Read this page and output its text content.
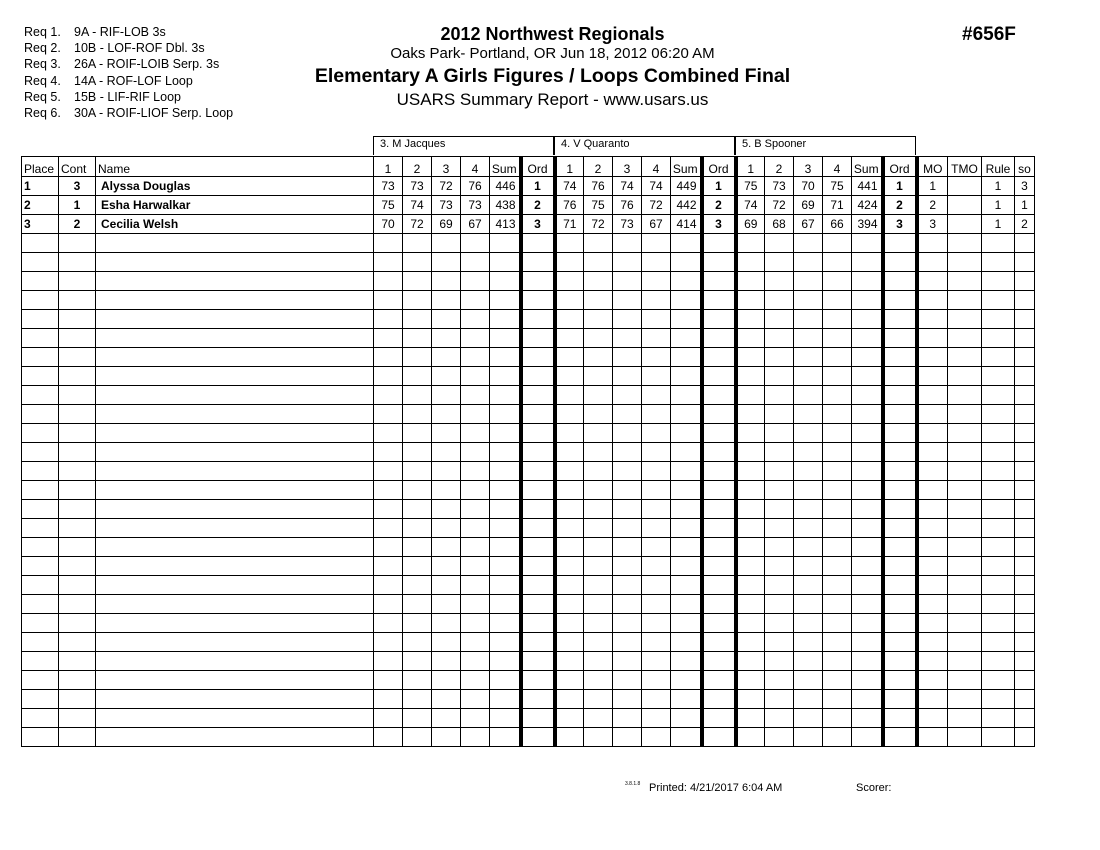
Req 1. 9A - RIF-LOB 3s
Req 2. 10B - LOF-ROF Dbl. 3s
Req 3. 26A - ROIF-LOIB Serp. 3s
Req 4. 14A - ROF-LOF Loop
Req 5. 15B - LIF-RIF Loop
Req 6. 30A - ROIF-LIOF Serp. Loop
2012 Northwest Regionals
Oaks Park- Portland, OR Jun 18, 2012 06:20 AM
Elementary A Girls Figures / Loops Combined Final
USARS Summary Report - www.usars.us
#656F
3. M Jacques	4. V Quaranto	5. B Spooner
Place	Cont	Name	1	2	3	4	Sum	Ord	1	2	3	4	Sum	Ord	1	2	3	4	Sum	Ord	MO	TMO	Rule	so
1	3	Alyssa Douglas	73	73	72	76	446	1	74	76	74	74	449	1	75	73	70	75	441	1	1		1	3
2	1	Esha Harwalkar	75	74	73	73	438	2	76	75	76	72	442	2	74	72	69	71	424	2	2		1	1
3	2	Cecilia Welsh	70	72	69	67	413	3	71	72	73	67	414	3	69	68	67	66	394	3	3		1	2

3.8.1.8 Printed: 4/21/2017 6:04 AM	Scorer:
